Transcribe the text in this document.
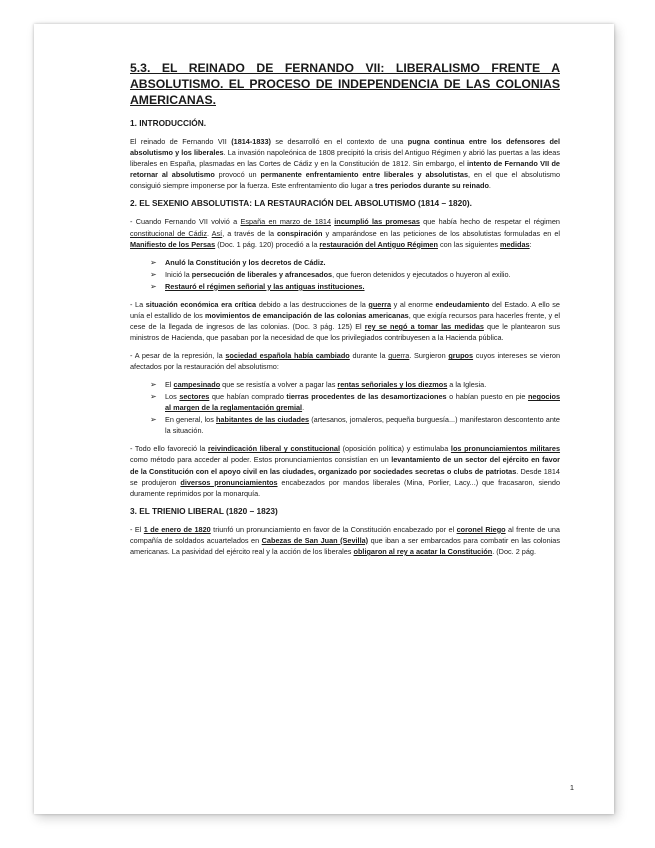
5.3. EL REINADO DE FERNANDO VII: LIBERALISMO FRENTE A ABSOLUTISMO. EL PROCESO DE INDEPENDENCIA DE LAS COLONIAS AMERICANAS.
1. INTRODUCCIÓN.

El reinado de Fernando VII (1814-1833) se desarrolló en el contexto de una pugna continua entre los defensores del absolutismo y los liberales. La invasión napoleónica de 1808 precipitó la crisis del Antiguo Régimen y abrió las puertas a las ideas liberales en España, plasmadas en las Cortes de Cádiz y en la Constitución de 1812. Sin embargo, el intento de Fernando VII de retornar al absolutismo provocó un permanente enfrentamiento entre liberales y absolutistas, en el que el absolutismo consiguió siempre imponerse por la fuerza. Este enfrentamiento dio lugar a tres periodos durante su reinado.

2. EL SEXENIO ABSOLUTISTA: LA RESTAURACIÓN DEL ABSOLUTISMO (1814 – 1820).

- Cuando Fernando VII volvió a España en marzo de 1814 incumplió las promesas que había hecho de respetar el régimen constitucional de Cádiz. Así, a través de la conspiración y amparándose en las peticiones de los absolutistas formuladas en el Manifiesto de los Persas (Doc. 1 pág. 120) procedió a la restauración del Antiguo Régimen con las siguientes medidas:

➢ Anuló la Constitución y los decretos de Cádiz.
➢ Inició la persecución de liberales y afrancesados, que fueron detenidos y ejecutados o huyeron al exilio.
➢ Restauró el régimen señorial y las antiguas instituciones.

- La situación económica era crítica debido a las destrucciones de la guerra y al enorme endeudamiento del Estado. A ello se unía el estallido de los movimientos de emancipación de las colonias americanas, que exigía recursos para hacerles frente, y el cese de la llegada de ingresos de las colonias. (Doc. 3 pág. 125) El rey se negó a tomar las medidas que le plantearon sus ministros de Hacienda, que pasaban por la necesidad de que los privilegiados contribuyesen a la Hacienda pública.

- A pesar de la represión, la sociedad española había cambiado durante la guerra. Surgieron grupos cuyos intereses se vieron afectados por la restauración del absolutismo:

➢ El campesinado que se resistía a volver a pagar las rentas señoriales y los diezmos a la Iglesia.
➢ Los sectores que habían comprado tierras procedentes de las desamortizaciones o habían puesto en pie negocios al margen de la reglamentación gremial.
➢ En general, los habitantes de las ciudades (artesanos, jornaleros, pequeña burguesía...) manifestaron descontento ante la situación.

- Todo ello favoreció la reivindicación liberal y constitucional (oposición política) y estimulaba los pronunciamientos militares como método para acceder al poder. Estos pronunciamientos consistían en un levantamiento de un sector del ejército en favor de la Constitución con el apoyo civil en las ciudades, organizado por sociedades secretas o clubs de patriotas. Desde 1814 se produjeron diversos pronunciamientos encabezados por mandos liberales (Mina, Porlier, Lacy...) que fracasaron, siendo duramente reprimidos por la monarquía.

3. EL TRIENIO LIBERAL (1820 – 1823)

- El 1 de enero de 1820 triunfó un pronunciamiento en favor de la Constitución encabezado por el coronel Riego al frente de una compañía de soldados acuartelados en Cabezas de San Juan (Sevilla) que iban a ser embarcados para combatir en las colonias americanas. La pasividad del ejército real y la acción de los liberales obligaron al rey a acatar la Constitución. (Doc. 2 pág.

1
